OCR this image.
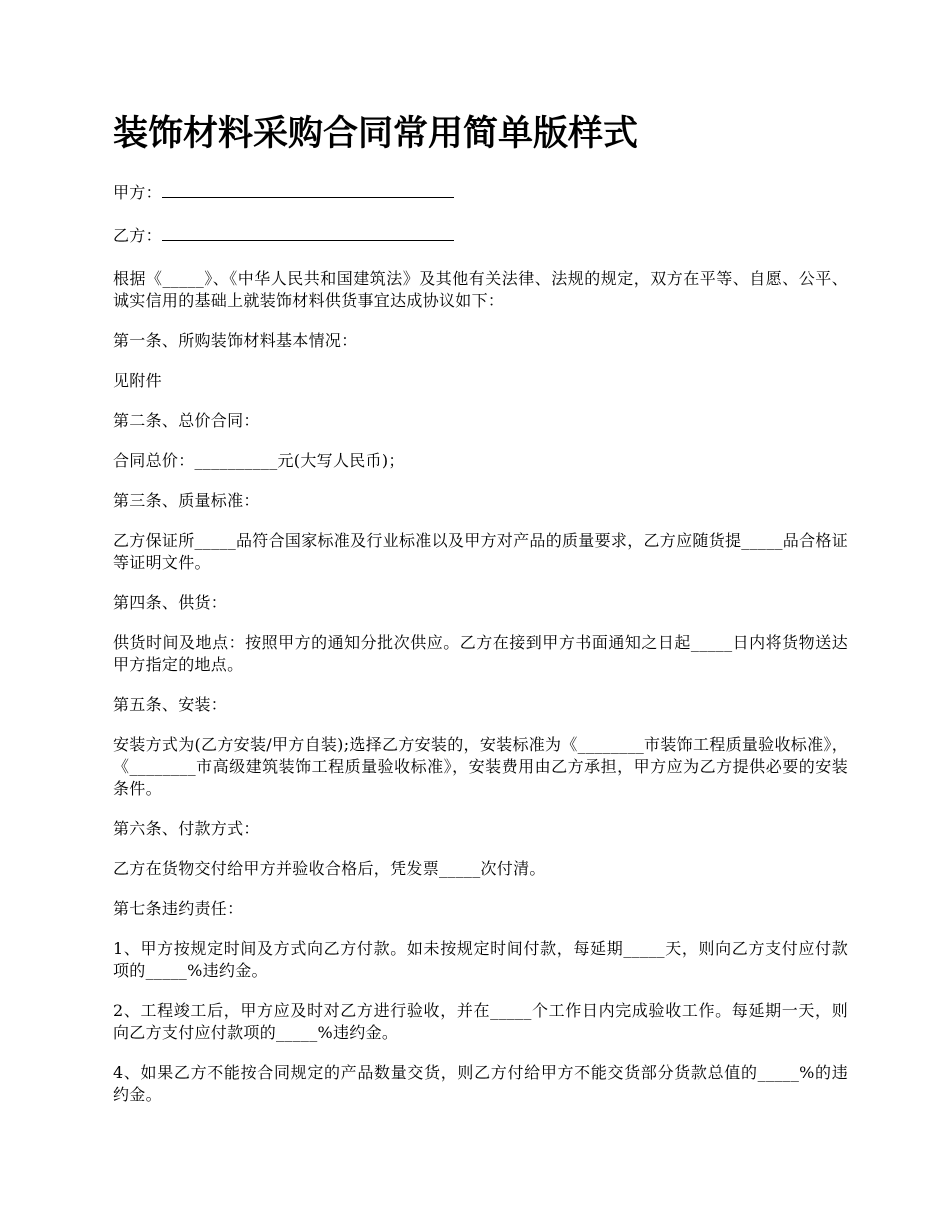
装饰材料采购合同常用简单版样式

甲方：

乙方：

根据《_____》、《中华人民共和国建筑法》及其他有关法律、法规的规定，双方在平等、自愿、公平、诚实信用的基础上就装饰材料供货事宜达成协议如下：

第一条、所购装饰材料基本情况：

见附件

第二条、总价合同：

合同总价：__________元(大写人民币)；

第三条、质量标准：

乙方保证所_____品符合国家标准及行业标准以及甲方对产品的质量要求，乙方应随货提_____品合格证等证明文件。

第四条、供货：

供货时间及地点：按照甲方的通知分批次供应。乙方在接到甲方书面通知之日起_____日内将货物送达甲方指定的地点。

第五条、安装：

安装方式为(乙方安装/甲方自装);选择乙方安装的，安装标准为《________市装饰工程质量验收标准》，《________市高级建筑装饰工程质量验收标准》，安装费用由乙方承担，甲方应为乙方提供必要的安装条件。

第六条、付款方式：

乙方在货物交付给甲方并验收合格后，凭发票_____次付清。

第七条违约责任：

1、甲方按规定时间及方式向乙方付款。如未按规定时间付款，每延期_____天，则向乙方支付应付款项的_____%违约金。

2、工程竣工后，甲方应及时对乙方进行验收，并在_____个工作日内完成验收工作。每延期一天，则向乙方支付应付款项的_____%违约金。

4、如果乙方不能按合同规定的产品数量交货，则乙方付给甲方不能交货部分货款总值的_____%的违约金。
